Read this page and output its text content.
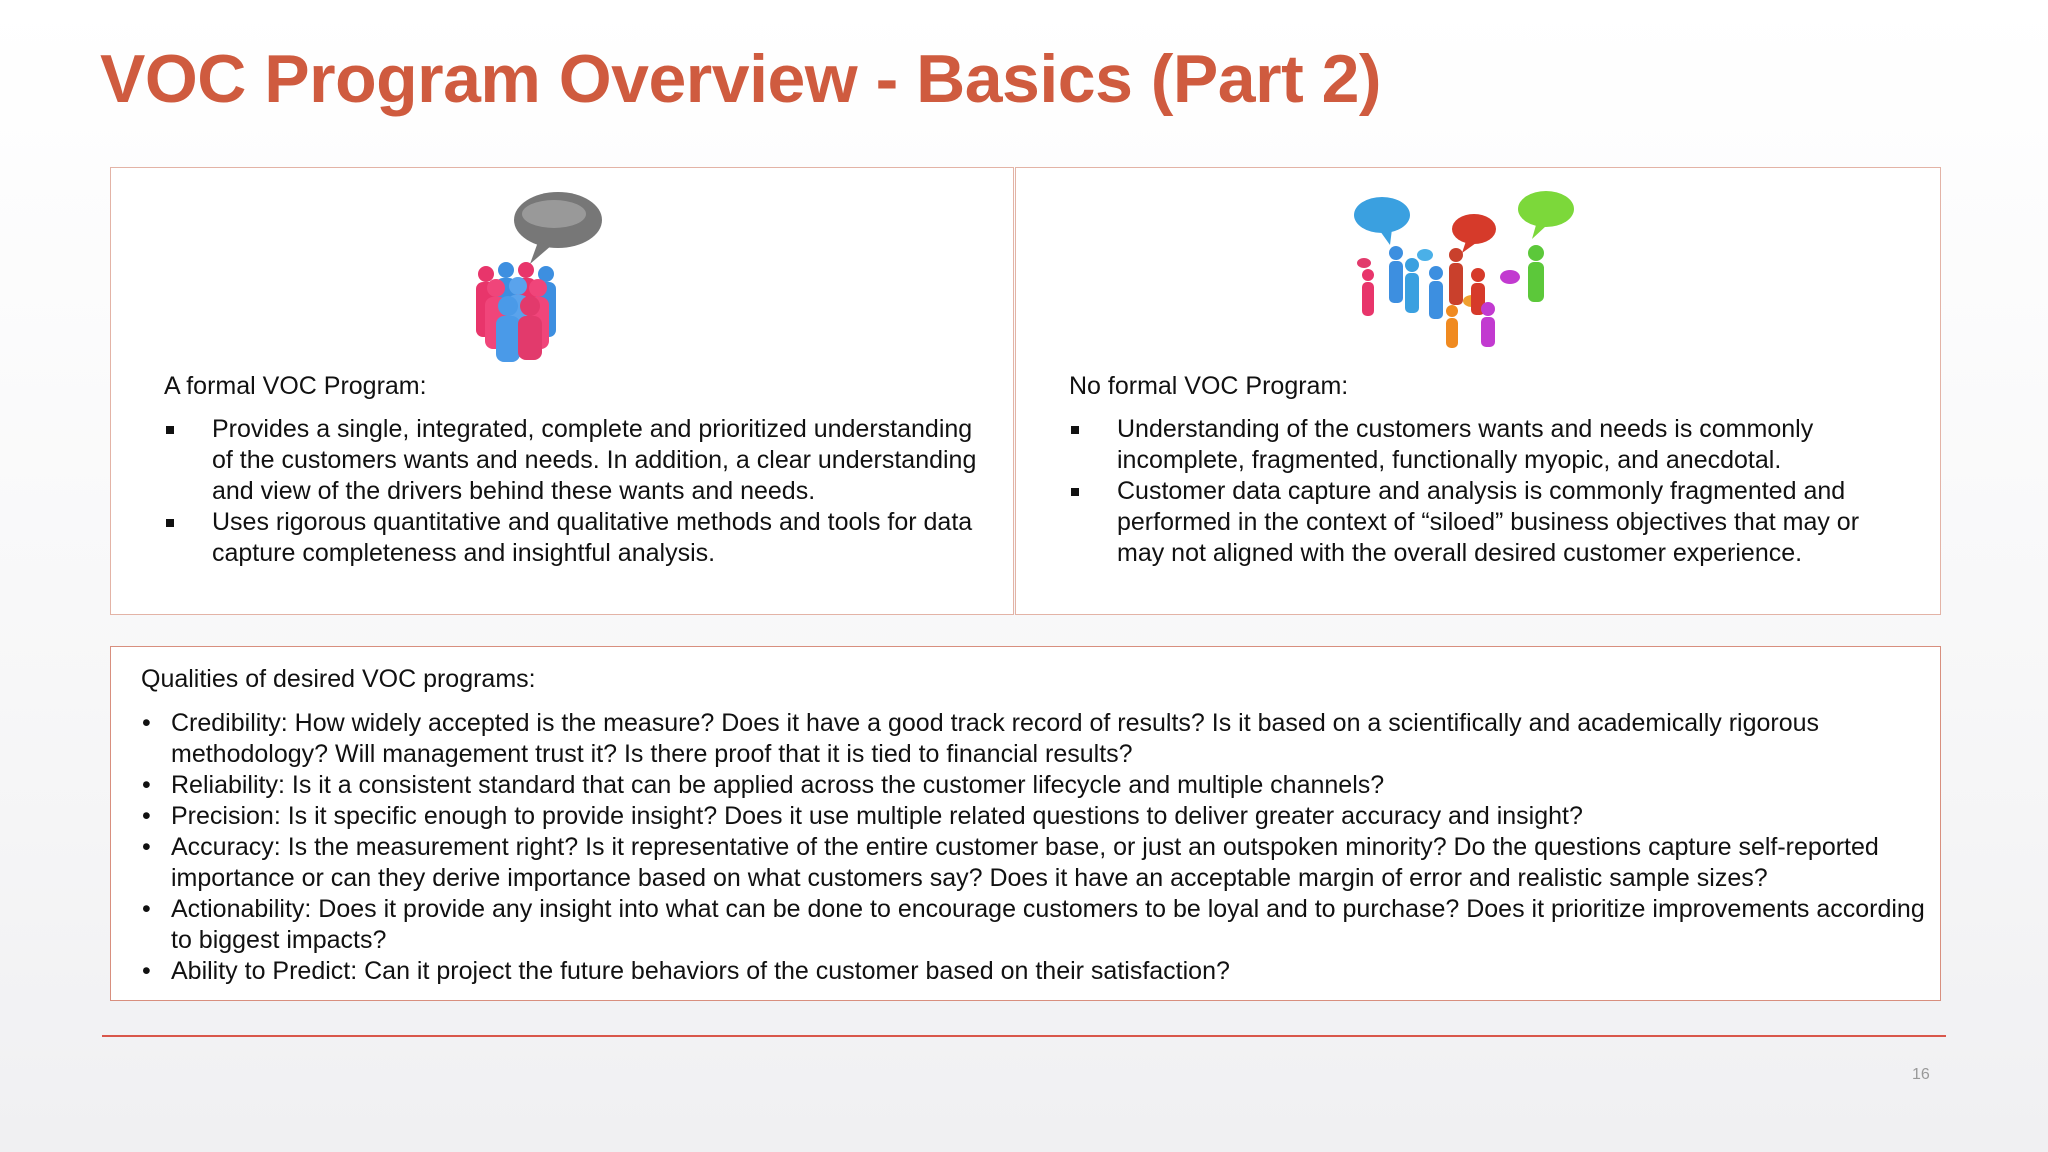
VOC Program Overview - Basics (Part 2)
A formal VOC Program:
Provides a single, integrated, complete and prioritized understanding of the customers wants and needs. In addition, a clear understanding and view of the drivers behind these wants and needs.
Uses rigorous quantitative and qualitative methods and tools for data capture completeness and insightful analysis.
No formal VOC Program:
Understanding of the customers wants and needs is commonly incomplete, fragmented, functionally myopic, and anecdotal.
Customer data capture and analysis is commonly fragmented and performed in the context of “siloed” business objectives that may or may not aligned with the overall desired customer experience.
Qualities of desired VOC programs:
• Credibility: How widely accepted is the measure? Does it have a good track record of results? Is it based on a scientifically and academically rigorous methodology? Will management trust it? Is there proof that it is tied to financial results?
• Reliability: Is it a consistent standard that can be applied across the customer lifecycle and multiple channels?
• Precision: Is it specific enough to provide insight? Does it use multiple related questions to deliver greater accuracy and insight?
• Accuracy: Is the measurement right? Is it representative of the entire customer base, or just an outspoken minority? Do the questions capture self-reported importance or can they derive importance based on what customers say? Does it have an acceptable margin of error and realistic sample sizes?
• Actionability: Does it provide any insight into what can be done to encourage customers to be loyal and to purchase? Does it prioritize improvements according to biggest impacts?
• Ability to Predict: Can it project the future behaviors of the customer based on their satisfaction?
16
